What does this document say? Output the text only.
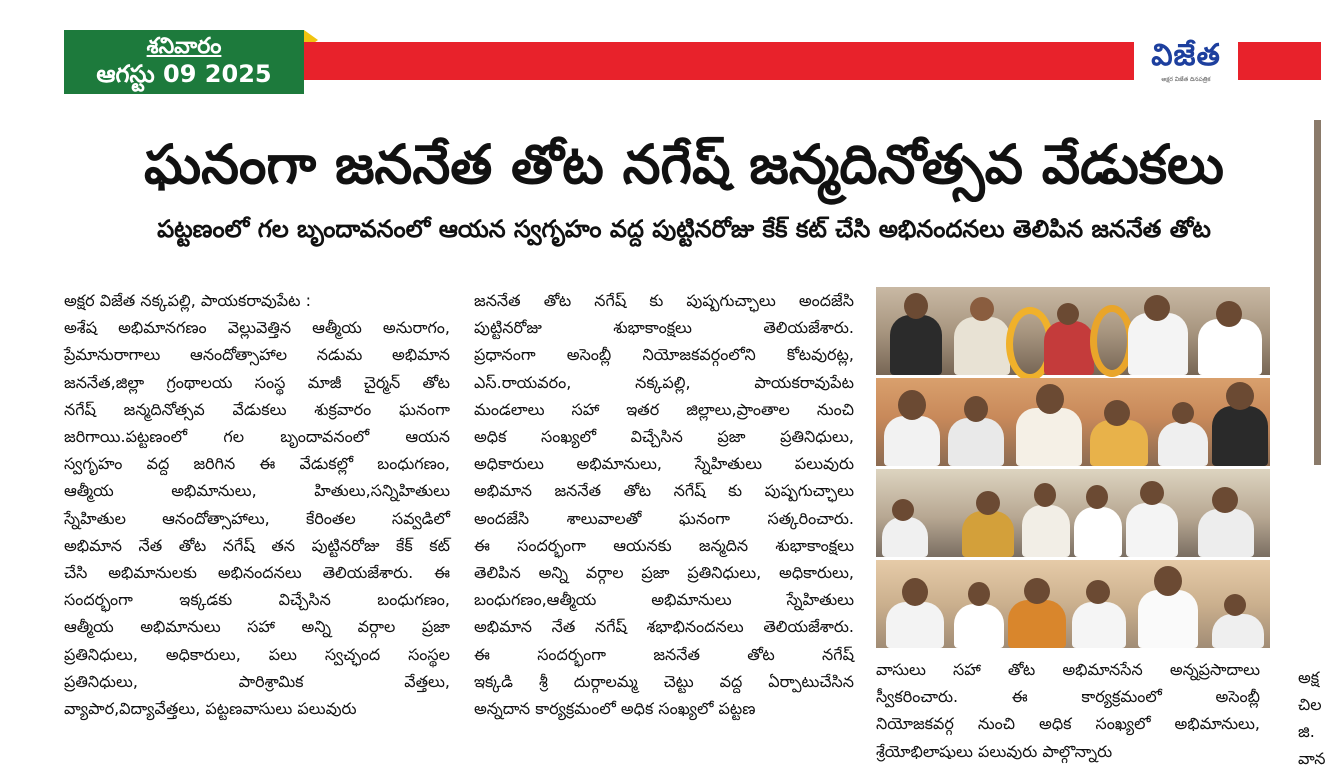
శనివారం
ఆగస్టు 09 2025
విజేత
అక్షర విజేత దినపత్రిక
ఘనంగా జననేత తోట నగేష్ జన్మదినోత్సవ వేడుకలు
పట్టణంలో గల బృందావనంలో ఆయన స్వగృహం వద్ద పుట్టినరోజు కేక్ కట్ చేసి అభినందనలు తెలిపిన జననేత తోట

అక్షర విజేత నక్కపల్లి, పాయకరావుపేట :

అశేష అభిమానగణం వెల్లువెత్తిన ఆత్మీయ అనురాగం,

ప్రేమానురాగాలు ఆనందోత్సాహాల నడుమ అభిమాన

జననేత,జిల్లా గ్రంథాలయ సంస్థ మాజీ చైర్మన్ తోట

నగేష్ జన్మదినోత్సవ వేడుకలు శుక్రవారం ఘనంగా

జరిగాయి.పట్టణంలో గల బృందావనంలో ఆయన

స్వగృహం వద్ద జరిగిన ఈ వేడుకల్లో బంధుగణం,

ఆత్మీయ అభిమానులు, హితులు,సన్నిహితులు

స్నేహితుల ఆనందోత్సాహాలు, కేరింతల సవ్వడిలో

అభిమాన నేత తోట నగేష్ తన పుట్టినరోజు కేక్ కట్

చేసి అభిమానులకు అభినందనలు తెలియజేశారు. ఈ

సందర్భంగా ఇక్కడకు విచ్చేసిన బంధుగణం,

ఆత్మీయ అభిమానులు సహా అన్ని వర్గాల ప్రజా

ప్రతినిధులు, అధికారులు, పలు స్వచ్ఛంద సంస్థల

ప్రతినిధులు, పారిశ్రామిక వేత్తలు,

వ్యాపార,విద్యావేత్తలు, పట్టణవాసులు పలువురు

జననేత తోట నగేష్ కు పుష్పగుచ్ఛాలు అందజేసి

పుట్టినరోజు శుభాకాంక్షలు తెలియజేశారు.

ప్రధానంగా అసెంబ్లీ నియోజకవర్గంలోని కోటవురట్ల,

ఎస్.రాయవరం, నక్కపల్లి, పాయకరావుపేట

మండలాలు సహా ఇతర జిల్లాలు,ప్రాంతాల నుంచి

అధిక సంఖ్యలో విచ్చేసిన ప్రజా ప్రతినిధులు,

అధికారులు అభిమానులు, స్నేహితులు పలువురు

అభిమాన జననేత తోట నగేష్ కు పుష్పగుచ్ఛాలు

అందజేసి శాలువాలతో ఘనంగా సత్కరించారు.

ఈ సందర్భంగా ఆయనకు జన్మదిన శుభాకాంక్షలు

తెలిపిన అన్ని వర్గాల ప్రజా ప్రతినిధులు, అధికారులు,

బంధుగణం,ఆత్మీయ అభిమానులు స్నేహితులు

అభిమాన నేత నగేష్ శభాభినందనలు తెలియజేశారు.

ఈ సందర్భంగా జననేత తోట నగేష్

ఇక్కడి శ్రీ దుర్గాలమ్మ చెట్టు వద్ద ఏర్పాటుచేసిన

అన్నదాన కార్యక్రమంలో అధిక సంఖ్యలో పట్టణ

వాసులు సహా తోట అభిమానసేన అన్నప్రసాదాలు

స్వీకరించారు. ఈ కార్యక్రమంలో అసెంబ్లీ

నియోజకవర్గ నుంచి అధిక సంఖ్యలో అభిమానులు,

శ్రేయోభిలాషులు పలువురు పాల్గొన్నారు

అక్ష
చిల
జి.
వాన
